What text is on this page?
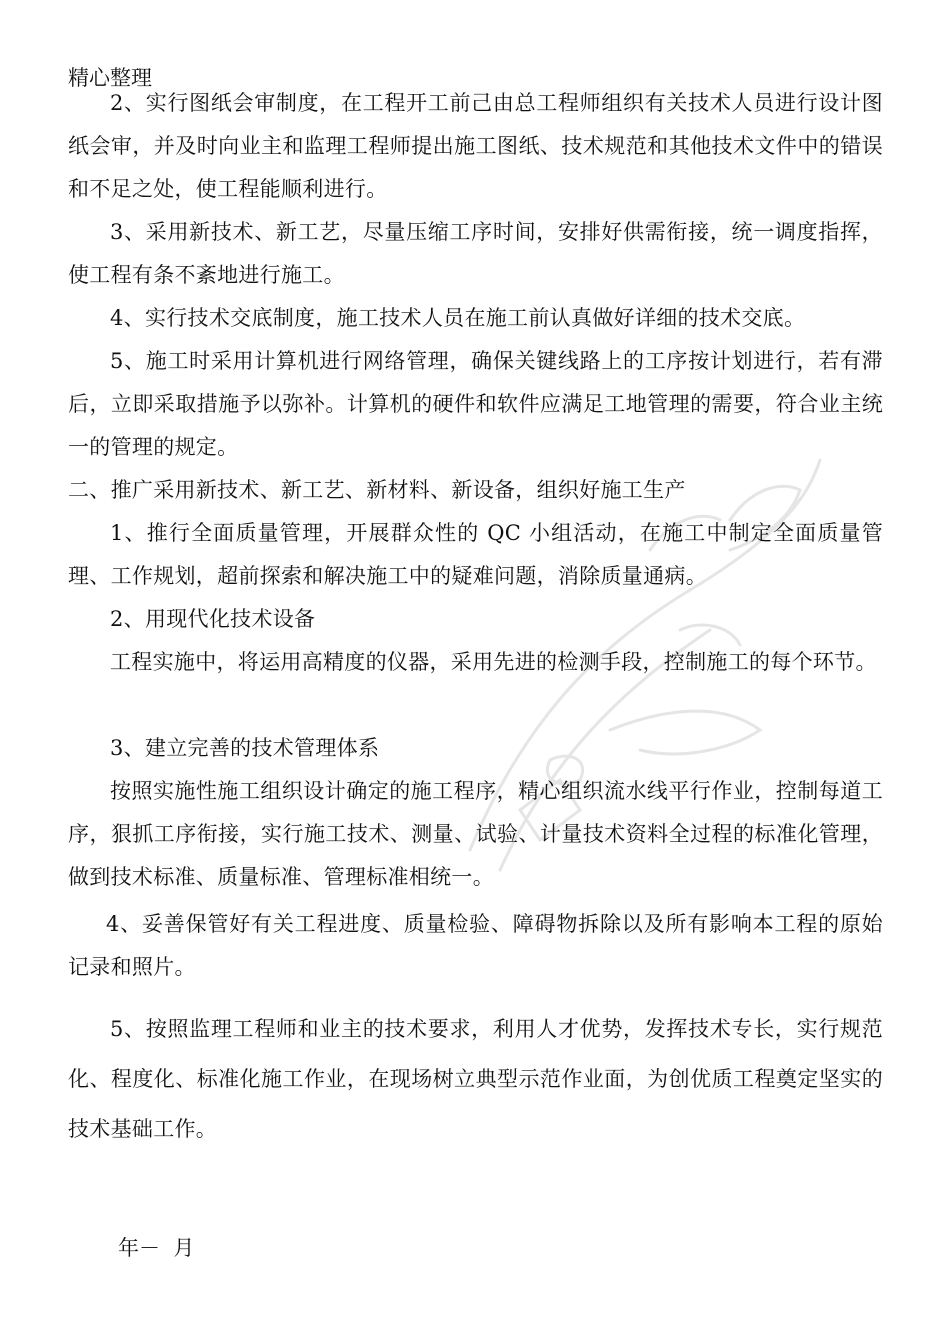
精心整理

2、实行图纸会审制度，在工程开工前己由总工程师组织有关技术人员进行设计图纸会审，并及时向业主和监理工程师提出施工图纸、技术规范和其他技术文件中的错误和不足之处，使工程能顺利进行。

3、采用新技术、新工艺，尽量压缩工序时间，安排好供需衔接，统一调度指挥，使工程有条不紊地进行施工。

4、实行技术交底制度，施工技术人员在施工前认真做好详细的技术交底。

5、施工时采用计算机进行网络管理，确保关键线路上的工序按计划进行，若有滞后，立即采取措施予以弥补。计算机的硬件和软件应满足工地管理的需要，符合业主统一的管理的规定。

二、推广采用新技术、新工艺、新材料、新设备，组织好施工生产

1、推行全面质量管理，开展群众性的 QC 小组活动，在施工中制定全面质量管理、工作规划，超前探索和解决施工中的疑难问题，消除质量通病。

2、用现代化技术设备

工程实施中，将运用高精度的仪器，采用先进的检测手段，控制施工的每个环节。

3、建立完善的技术管理体系

按照实施性施工组织设计确定的施工程序，精心组织流水线平行作业，控制每道工序，狠抓工序衔接，实行施工技术、测量、试验、计量技术资料全过程的标准化管理，做到技术标准、质量标准、管理标准相统一。

4、妥善保管好有关工程进度、质量检验、障碍物拆除以及所有影响本工程的原始记录和照片。

5、按照监理工程师和业主的技术要求，利用人才优势，发挥技术专长，实行规范化、程度化、标准化施工作业，在现场树立典型示范作业面，为创优质工程奠定坚实的技术基础工作。

年－  月
